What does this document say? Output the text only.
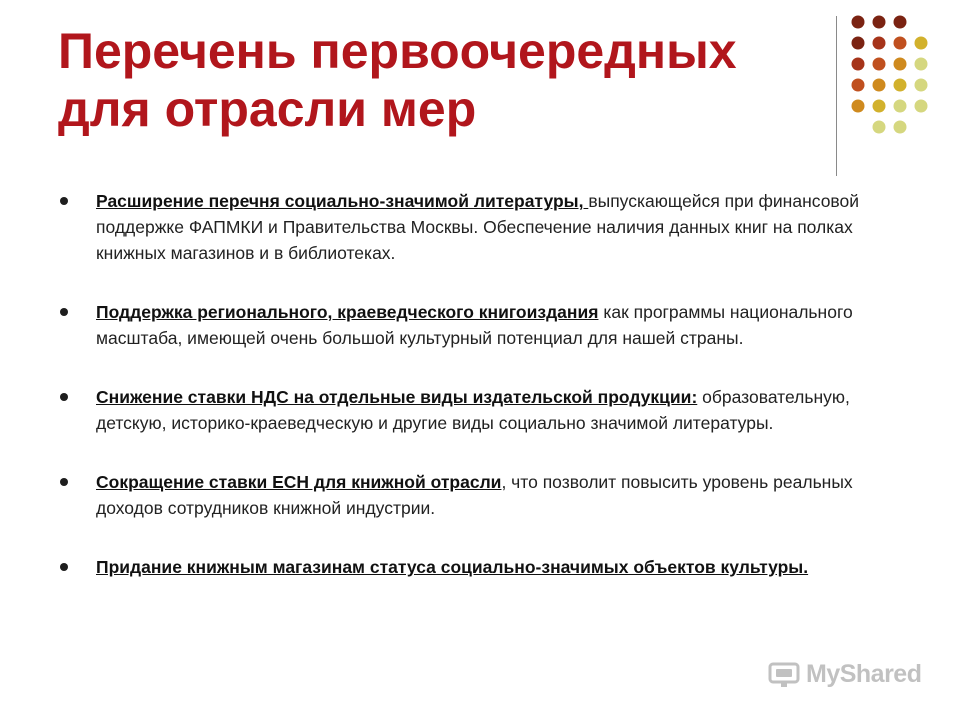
Перечень первоочередных для отрасли мер
Расширение перечня социально-значимой литературы, выпускающейся при финансовой поддержке ФАПМКИ и Правительства Москвы. Обеспечение наличия данных книг на полках книжных магазинов и в библиотеках.
Поддержка регионального, краеведческого книгоиздания как программы национального масштаба, имеющей очень большой культурный потенциал для нашей страны.
Снижение ставки НДС на отдельные виды издательской продукции: образовательную, детскую, историко-краеведческую и другие виды социально значимой литературы.
Сокращение ставки ЕСН для книжной отрасли, что позволит повысить уровень реальных доходов сотрудников книжной индустрии.
Придание книжным магазинам статуса социально-значимых объектов культуры.
MyShared
